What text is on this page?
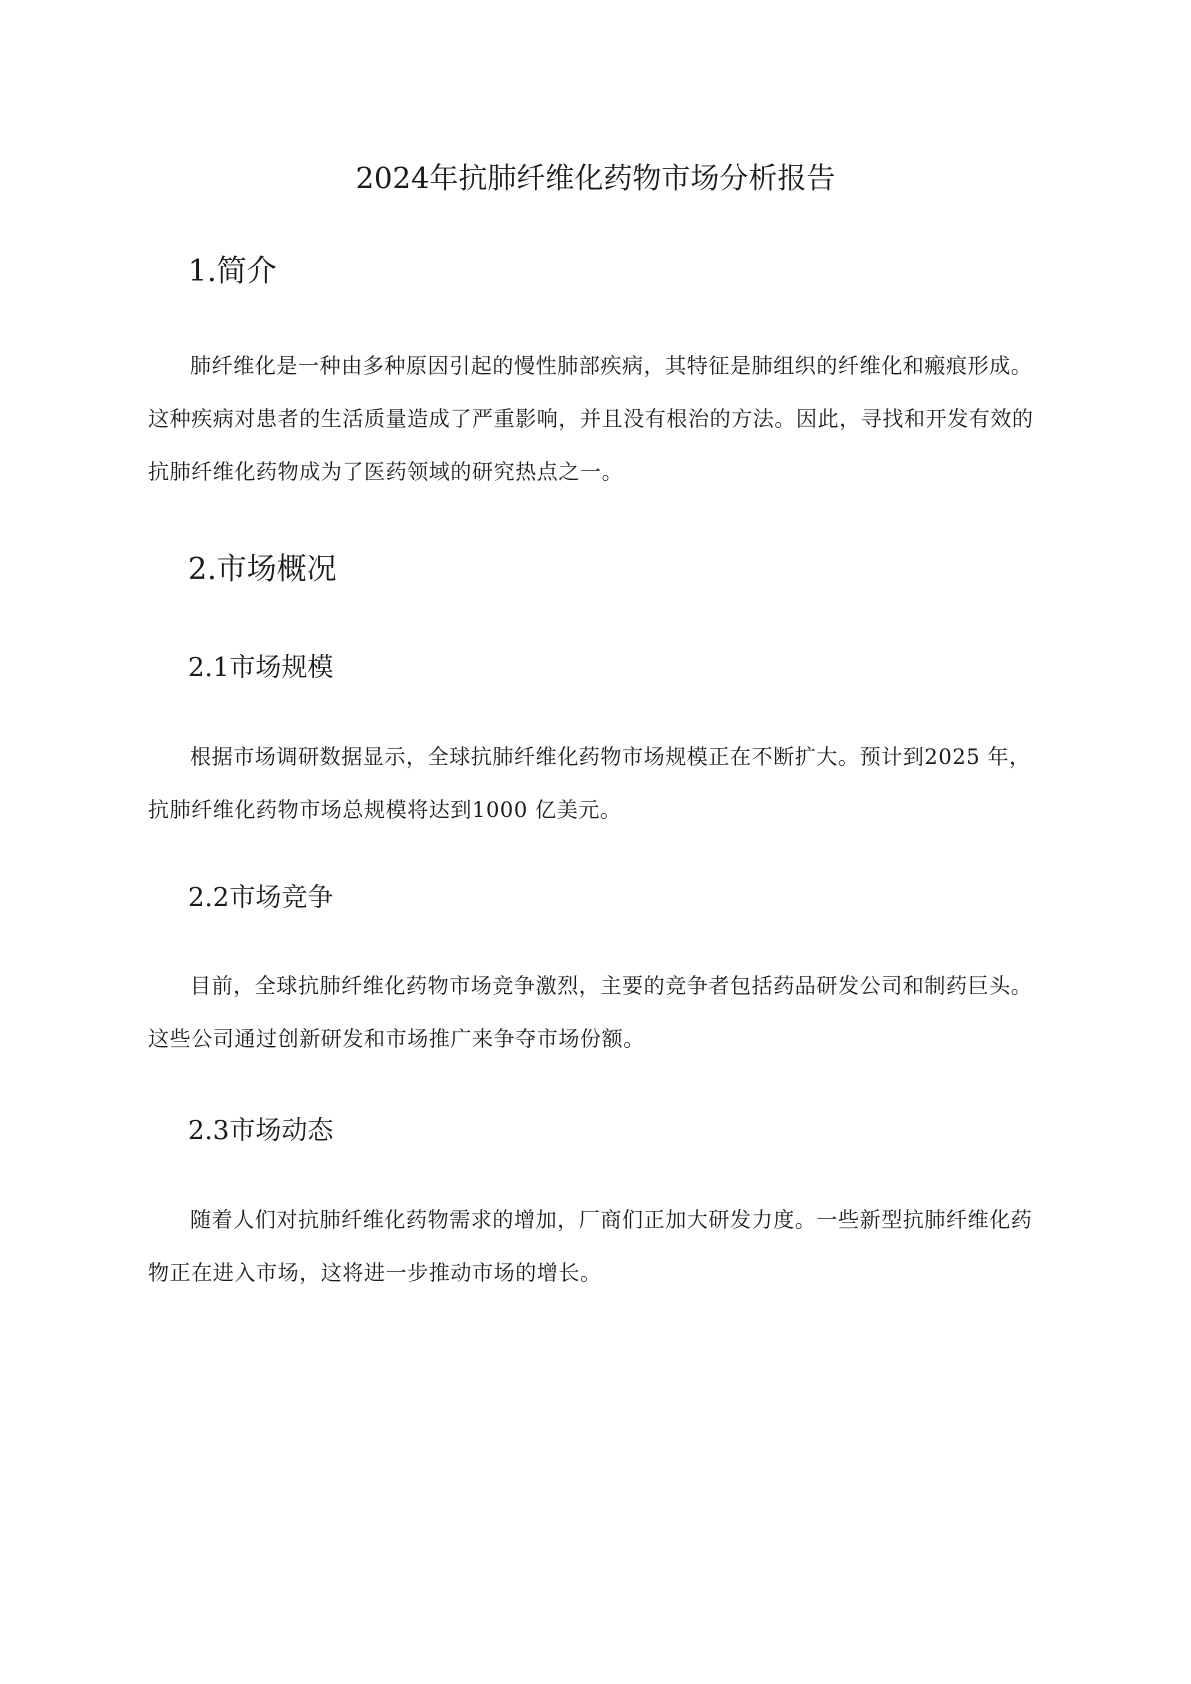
2024年抗肺纤维化药物市场分析报告
1.简介

肺纤维化是一种由多种原因引起的慢性肺部疾病，其特征是肺组织的纤维化和瘢痕形成。这种疾病对患者的生活质量造成了严重影响，并且没有根治的方法。因此，寻找和开发有效的抗肺纤维化药物成为了医药领域的研究热点之一。

2.市场概况
2.1市场规模

根据市场调研数据显示，全球抗肺纤维化药物市场规模正在不断扩大。预计到2025 年，抗肺纤维化药物市场总规模将达到1000 亿美元。

2.2市场竞争

目前，全球抗肺纤维化药物市场竞争激烈，主要的竞争者包括药品研发公司和制药巨头。这些公司通过创新研发和市场推广来争夺市场份额。

2.3市场动态

随着人们对抗肺纤维化药物需求的增加，厂商们正加大研发力度。一些新型抗肺纤维化药物正在进入市场，这将进一步推动市场的增长。
